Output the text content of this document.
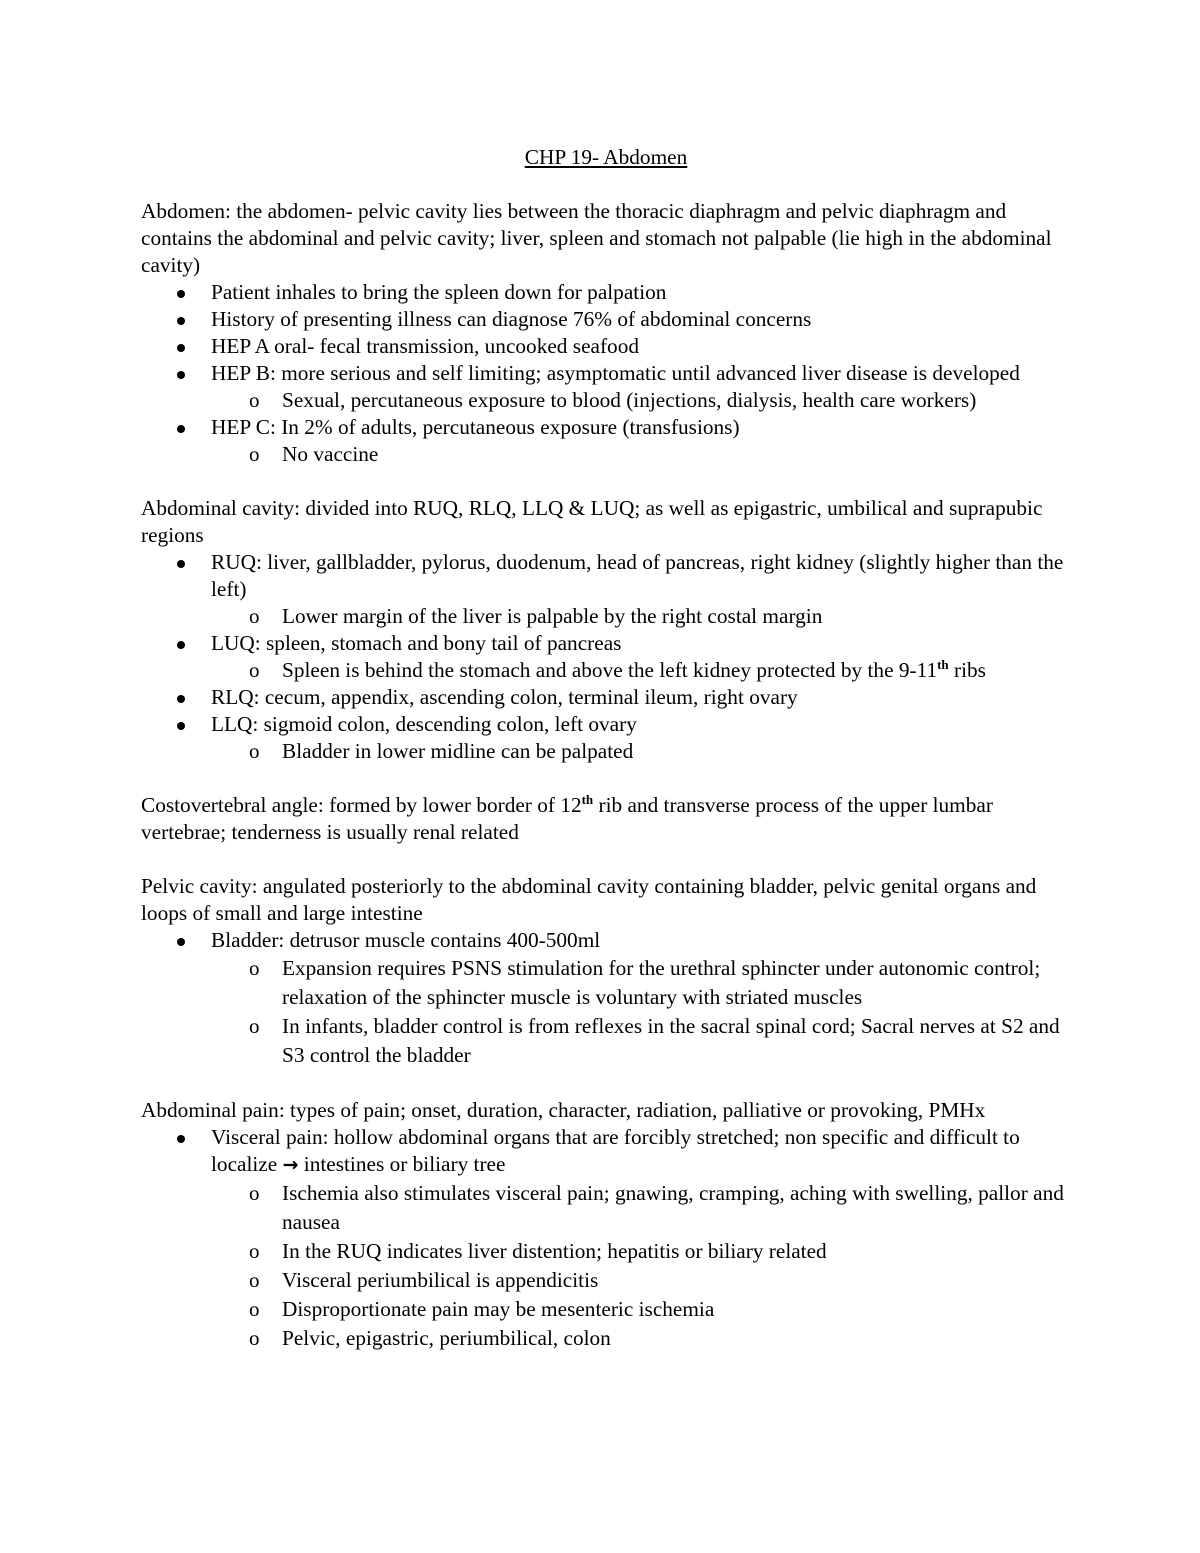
CHP 19- Abdomen

Abdomen: the abdomen- pelvic cavity lies between the thoracic diaphragm and pelvic diaphragm and contains the abdominal and pelvic cavity; liver, spleen and stomach not palpable (lie high in the abdominal cavity)

Patient inhales to bring the spleen down for palpation
History of presenting illness can diagnose 76% of abdominal concerns
HEP A oral- fecal transmission, uncooked seafood
HEP B: more serious and self limiting; asymptomatic until advanced liver disease is developed
o Sexual, percutaneous exposure to blood (injections, dialysis, health care workers)
HEP C: In 2% of adults, percutaneous exposure (transfusions)
o No vaccine

Abdominal cavity: divided into RUQ, RLQ, LLQ & LUQ; as well as epigastric, umbilical and suprapubic regions

RUQ: liver, gallbladder, pylorus, duodenum, head of pancreas, right kidney (slightly higher than the left)
o Lower margin of the liver is palpable by the right costal margin
LUQ: spleen, stomach and bony tail of pancreas
o Spleen is behind the stomach and above the left kidney protected by the 9-11th ribs
RLQ: cecum, appendix, ascending colon, terminal ileum, right ovary
LLQ: sigmoid colon, descending colon, left ovary
o Bladder in lower midline can be palpated

Costovertebral angle: formed by lower border of 12th rib and transverse process of the upper lumbar vertebrae; tenderness is usually renal related

Pelvic cavity: angulated posteriorly to the abdominal cavity containing bladder, pelvic genital organs and loops of small and large intestine

Bladder: detrusor muscle contains 400-500ml
o Expansion requires PSNS stimulation for the urethral sphincter under autonomic control; relaxation of the sphincter muscle is voluntary with striated muscles
o In infants, bladder control is from reflexes in the sacral spinal cord; Sacral nerves at S2 and S3 control the bladder

Abdominal pain: types of pain; onset, duration, character, radiation, palliative or provoking, PMHx

Visceral pain: hollow abdominal organs that are forcibly stretched; non specific and difficult to localize → intestines or biliary tree
o Ischemia also stimulates visceral pain; gnawing, cramping, aching with swelling, pallor and nausea
o In the RUQ indicates liver distention; hepatitis or biliary related
o Visceral periumbilical is appendicitis
o Disproportionate pain may be mesenteric ischemia
o Pelvic, epigastric, periumbilical, colon
